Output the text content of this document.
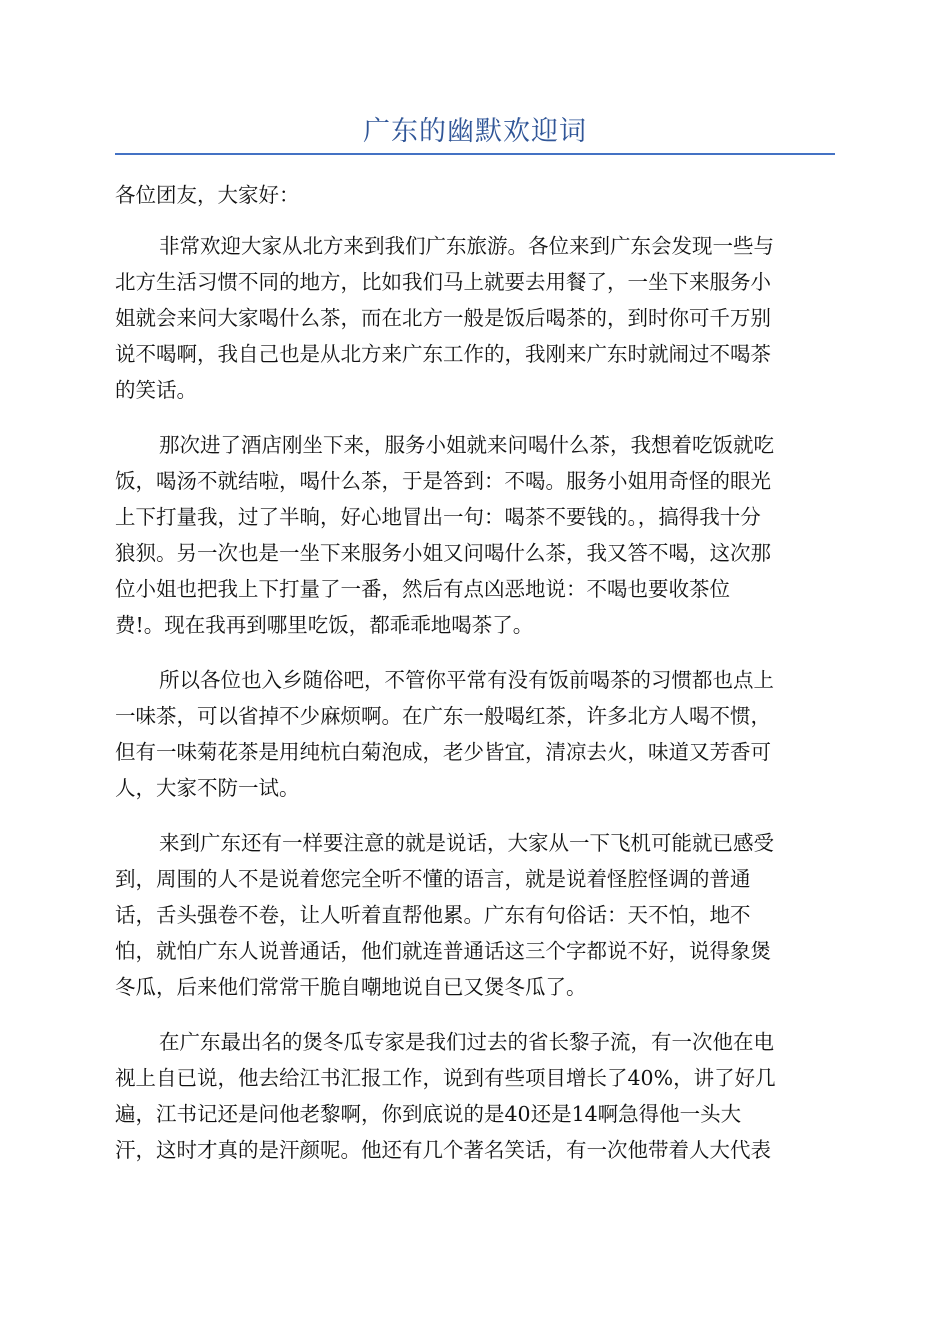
广东的幽默欢迎词
各位团友，大家好：
非常欢迎大家从北方来到我们广东旅游。各位来到广东会发现一些与
北方生活习惯不同的地方，比如我们马上就要去用餐了，一坐下来服务小
姐就会来问大家喝什么茶，而在北方一般是饭后喝茶的，到时你可千万别
说不喝啊，我自己也是从北方来广东工作的，我刚来广东时就闹过不喝茶
的笑话。
那次进了酒店刚坐下来，服务小姐就来问喝什么茶，我想着吃饭就吃
饭，喝汤不就结啦，喝什么茶，于是答到：不喝。服务小姐用奇怪的眼光
上下打量我，过了半晌，好心地冒出一句：喝茶不要钱的。，搞得我十分
狼狈。另一次也是一坐下来服务小姐又问喝什么茶，我又答不喝，这次那
位小姐也把我上下打量了一番，然后有点凶恶地说：不喝也要收茶位
费!。现在我再到哪里吃饭，都乖乖地喝茶了。
所以各位也入乡随俗吧，不管你平常有没有饭前喝茶的习惯都也点上
一味茶，可以省掉不少麻烦啊。在广东一般喝红茶，许多北方人喝不惯，
但有一味菊花茶是用纯杭白菊泡成，老少皆宜，清凉去火，味道又芳香可
人，大家不防一试。
来到广东还有一样要注意的就是说话，大家从一下飞机可能就已感受
到，周围的人不是说着您完全听不懂的语言，就是说着怪腔怪调的普通
话，舌头强卷不卷，让人听着直帮他累。广东有句俗话：天不怕，地不
怕，就怕广东人说普通话，他们就连普通话这三个字都说不好，说得象煲
冬瓜，后来他们常常干脆自嘲地说自已又煲冬瓜了。
在广东最出名的煲冬瓜专家是我们过去的省长黎子流，有一次他在电
视上自已说，他去给江书汇报工作，说到有些项目增长了40%，讲了好几
遍，江书记还是问他老黎啊，你到底说的是40还是14啊急得他一头大
汗，这时才真的是汗颜呢。他还有几个著名笑话，有一次他带着人大代表
